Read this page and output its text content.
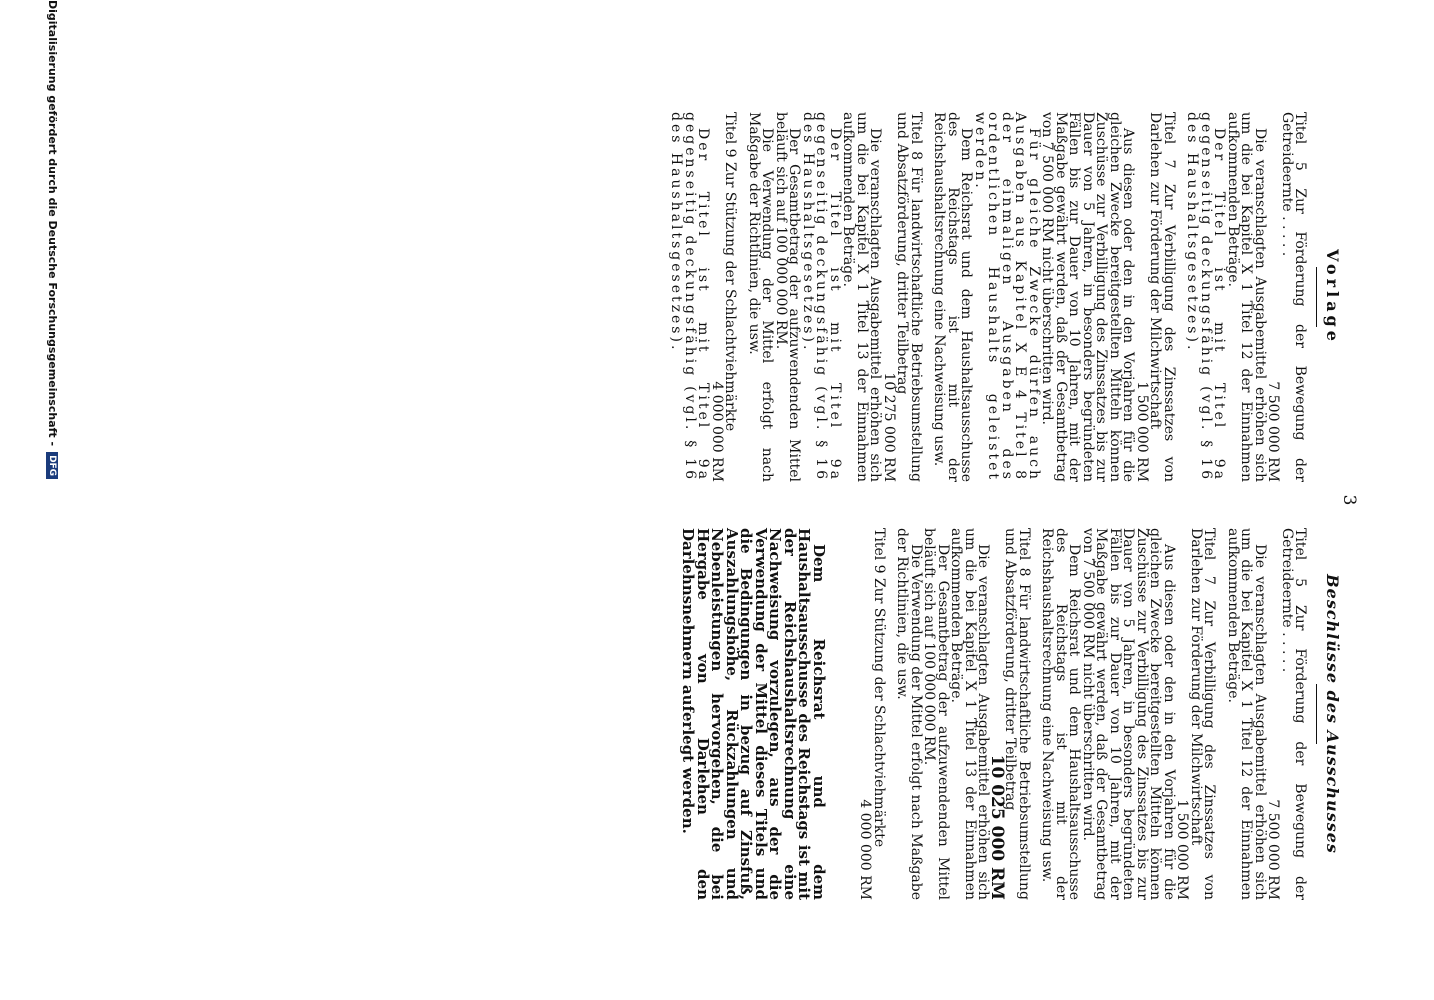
3
Vorlage

Titel 5 Zur Förderung der Bewegung der Getreideernte . . . . .

7 500 000 RM

Die veranschlagten Ausgabemittel erhöhen sich um die bei Kapitel X 1 Titel 12 der Einnahmen aufkommenden Beträge.

Der Titel ist mit Titel 9a gegenseitig deckungsfähig (vgl. § 16 des Haushaltsgesetzes).

Titel 7 Zur Verbilligung des Zinssatzes von Darlehen zur Förderung der Milchwirtschaft

1 500 000 RM

Aus diesen oder den in den Vorjahren für die gleichen Zwecke bereitgestellten Mitteln können Zuschüsse zur Verbilligung des Zinssatzes bis zur Dauer von 5 Jahren, in besonders begründeten Fällen bis zur Dauer von 10 Jahren, mit der Maßgabe gewährt werden, daß der Gesamtbetrag von 7 500 000 RM nicht überschritten wird.

Für gleiche Zwecke dürfen auch Ausgaben aus Kapitel X E 4 Titel 8 der einmaligen Ausgaben des ordentlichen Haushalts geleistet werden.

Dem Reichsrat und dem Haushaltsausschusse des Reichstags ist mit der Reichshaushaltsrechnung eine Nachweisung usw.

Titel 8 Für landwirtschaftliche Betriebsumstellung und Absatzförderung, dritter Teilbetrag

10 275 000 RM

Die veranschlagten Ausgabemittel erhöhen sich um die bei Kapitel X 1 Titel 13 der Einnahmen aufkommenden Beträge.

Der Titel ist mit Titel 9a gegenseitig deckungsfähig (vgl. § 16 des Haushaltsgesetzes).

Der Gesamtbetrag der aufzuwendenden Mittel beläuft sich auf 100 000 000 RM.

Die Verwendung der Mittel erfolgt nach Maßgabe der Richtlinien, die usw.

Titel 9 Zur Stützung der Schlachtviehmärkte

4 000 000 RM

Der Titel ist mit Titel 9a gegenseitig deckungsfähig (vgl. § 16 des Haushaltsgesetzes).

Beschlüsse des Ausschusses

Titel 5 Zur Förderung der Bewegung der Getreideernte . . . . .

7 500 000 RM

Die veranschlagten Ausgabemittel erhöhen sich um die bei Kapitel X 1 Titel 12 der Einnahmen aufkommenden Beträge.

Titel 7 Zur Verbilligung des Zinssatzes von Darlehen zur Förderung der Milchwirtschaft

1 500 000 RM

Aus diesen oder den in den Vorjahren für die gleichen Zwecke bereitgestellten Mitteln können Zuschüsse zur Verbilligung des Zinssatzes bis zur Dauer von 5 Jahren, in besonders begründeten Fällen bis zur Dauer von 10 Jahren, mit der Maßgabe gewährt werden, daß der Gesamtbetrag von 7 500 000 RM nicht überschritten wird.

Dem Reichsrat und dem Haushaltsausschusse des Reichstags ist mit der Reichshaushaltsrechnung eine Nachweisung usw.

Titel 8 Für landwirtschaftliche Betriebsumstellung und Absatzförderung, dritter Teilbetrag

10 025 000 RM

Die veranschlagten Ausgabemittel erhöhen sich um die bei Kapitel X 1 Titel 13 der Einnahmen aufkommenden Beträge.

Der Gesamtbetrag der aufzuwendenden Mittel beläuft sich auf 100 000 000 RM.

Die Verwendung der Mittel erfolgt nach Maßgabe der Richtlinien, die usw.

Titel 9 Zur Stützung der Schlachtviehmärkte

4 000 000 RM

Dem Reichsrat und dem Haushaltsausschusse des Reichstags ist mit der Reichshaushaltsrechnung eine Nachweisung vorzulegen, aus der die Verwendung der Mittel dieses Titels und die Bedingungen in bezug auf Zinsfuß, Auszahlungshöhe, Rückzahlungen und Nebenleistungen hervorgehen, die bei Hergabe von Darlehen den Darlehnsnehmern auferlegt werden.
Digitalisierung gefördert durch die Deutsche Forschungsgemeinschaft -
DFG
